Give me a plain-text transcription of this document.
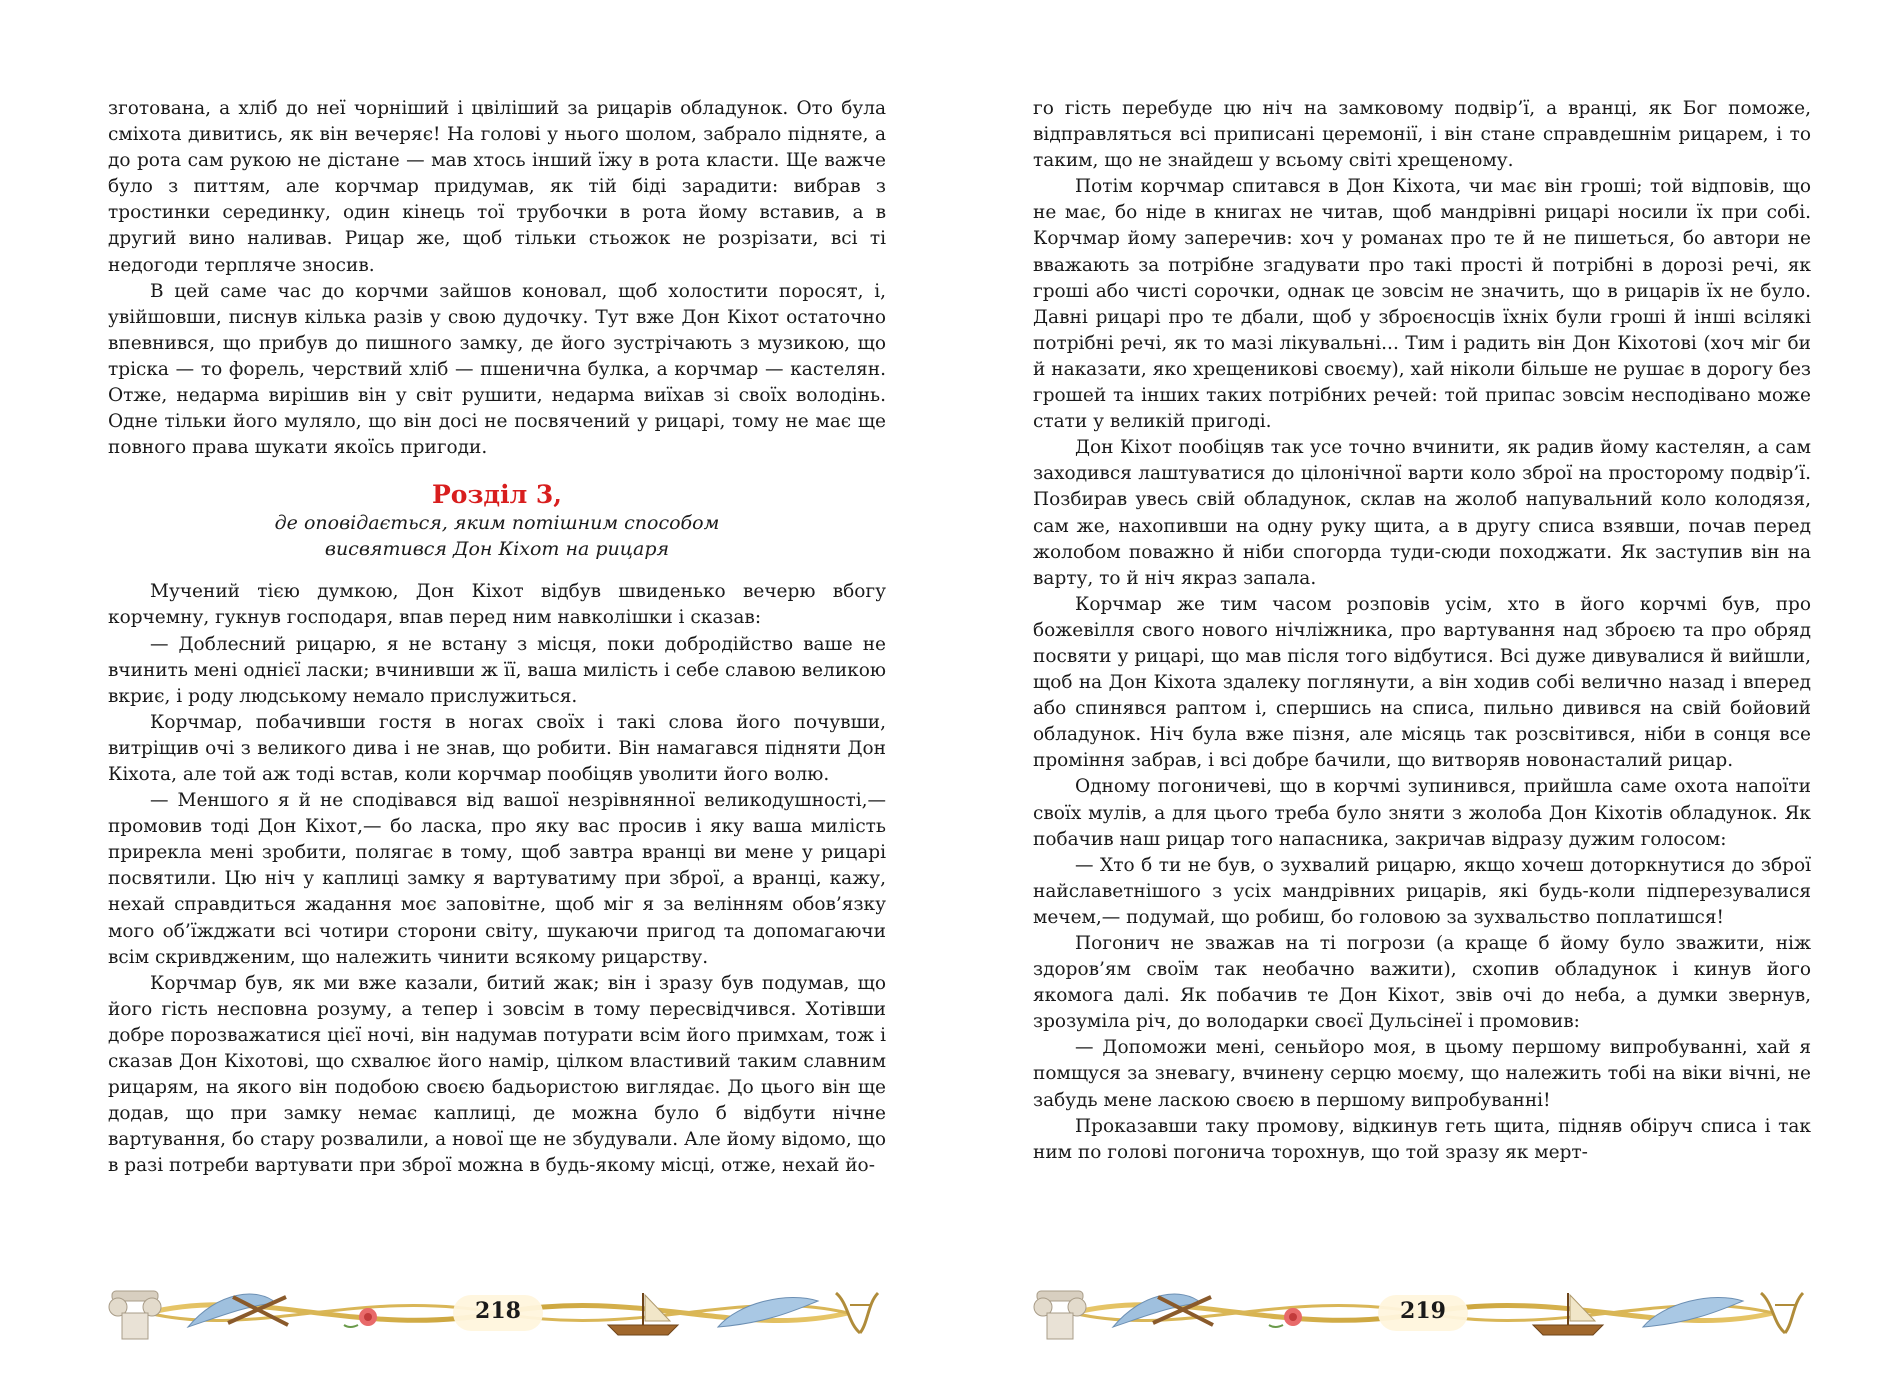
зготована, а хліб до неї чорніший і цвіліший за рицарів обладунок. Ото була сміхота дивитись, як він вечеряє! На голові у нього шолом, забрало підняте, а до рота сам рукою не дістане — мав хтось інший їжу в рота класти. Ще важче було з питтям, але корчмар придумав, як тій біді зарадити: вибрав з тростинки серединку, один кінець тої трубочки в рота йому вставив, а в другий вино наливав. Рицар же, щоб тільки стьожок не розрізати, всі ті недогоди терпляче зносив.

В цей саме час до корчми зайшов коновал, щоб холостити поросят, і, увійшовши, писнув кілька разів у свою дудочку. Тут вже Дон Кіхот остаточно впевнився, що прибув до пишного замку, де його зустрічають з музикою, що тріска — то форель, черствий хліб — пшенична булка, а корчмар — кастелян. Отже, недарма вирішив він у світ рушити, недарма виїхав зі своїх володінь. Одне тільки його муляло, що він досі не посвячений у рицарі, тому не має ще повного права шукати якоїсь пригоди.

Розділ 3,
де оповідається, яким потішним способом
висвятився Дон Кіхот на рицаря

Мучений тією думкою, Дон Кіхот відбув швиденько вечерю вбогу корчемну, гукнув господаря, впав перед ним навколішки і сказав:

— Доблесний рицарю, я не встану з місця, поки добродійство ваше не вчинить мені однієї ласки; вчинивши ж її, ваша милість і себе славою великою вкриє, і роду людському немало прислужиться.

Корчмар, побачивши гостя в ногах своїх і такі слова його почувши, витріщив очі з великого дива і не знав, що робити. Він намагався підняти Дон Кіхота, але той аж тоді встав, коли корчмар пообіцяв уволити його волю.

— Меншого я й не сподівався від вашої незрівнянної великодушності,— промовив тоді Дон Кіхот,— бо ласка, про яку вас просив і яку ваша милість прирекла мені зробити, полягає в тому, щоб завтра вранці ви мене у рицарі посвятили. Цю ніч у каплиці замку я вартуватиму при зброї, а вранці, кажу, нехай справдиться жадання моє заповітне, щоб міг я за велінням обов’язку мого об’їжджати всі чотири сторони світу, шукаючи пригод та допомагаючи всім скривдженим, що належить чинити всякому рицарству.

Корчмар був, як ми вже казали, битий жак; він і зразу був подумав, що його гість несповна розуму, а тепер і зовсім в тому пересвідчився. Хотівши добре порозважатися цієї ночі, він надумав потурати всім його примхам, тож і сказав Дон Кіхотові, що схвалює його намір, цілком властивий таким славним рицарям, на якого він подобою своєю бадьористою виглядає. До цього він ще додав, що при замку немає каплиці, де можна було б відбути нічне вартування, бо стару розвалили, а нової ще не збудували. Але йому відомо, що в разі потреби вартувати при зброї можна в будь-якому місці, отже, нехай йо-

го гість перебуде цю ніч на замковому подвір’ї, а вранці, як Бог поможе, відправляться всі приписані церемонії, і він стане справдешнім рицарем, і то таким, що не знайдеш у всьому світі хрещеному.

Потім корчмар спитався в Дон Кіхота, чи має він гроші; той відповів, що не має, бо ніде в книгах не читав, щоб мандрівні рицарі носили їх при собі. Корчмар йому заперечив: хоч у романах про те й не пишеться, бо автори не вважають за потрібне згадувати про такі прості й потрібні в дорозі речі, як гроші або чисті сорочки, однак це зовсім не значить, що в рицарів їх не було. Давні рицарі про те дбали, щоб у зброєносців їхніх були гроші й інші всілякі потрібні речі, як то мазі лікувальні... Тим і радить він Дон Кіхотові (хоч міг би й наказати, яко хрещеникові своєму), хай ніколи більше не рушає в дорогу без грошей та інших таких потрібних речей: той припас зовсім несподівано може стати у великій пригоді.

Дон Кіхот пообіцяв так усе точно вчинити, як радив йому кастелян, а сам заходився лаштуватися до цілонічної варти коло зброї на просторому подвір’ї. Позбирав увесь свій обладунок, склав на жолоб напувальний коло колодязя, сам же, нахопивши на одну руку щита, а в другу списа взявши, почав перед жолобом поважно й ніби спогорда туди-сюди походжати. Як заступив він на варту, то й ніч якраз запала.

Корчмар же тим часом розповів усім, хто в його корчмі був, про божевілля свого нового нічліжника, про вартування над зброєю та про обряд посвяти у рицарі, що мав після того відбутися. Всі дуже дивувалися й вийшли, щоб на Дон Кіхота здалеку поглянути, а він ходив собі велично назад і вперед або спинявся раптом і, спершись на списа, пильно дивився на свій бойовий обладунок. Ніч була вже пізня, але місяць так розсвітився, ніби в сонця все проміння забрав, і всі добре бачили, що витворяв новонасталий рицар.

Одному погоничеві, що в корчмі зупинився, прийшла саме охота напоїти своїх мулів, а для цього треба було зняти з жолоба Дон Кіхотів обладунок. Як побачив наш рицар того напасника, закричав відразу дужим голосом:

— Хто б ти не був, о зухвалий рицарю, якщо хочеш доторкнутися до зброї найславетнішого з усіх мандрівних рицарів, які будь-коли підперезувалися мечем,— подумай, що робиш, бо головою за зухвальство поплатишся!

Погонич не зважав на ті погрози (а краще б йому було зважити, ніж здоров’ям своїм так необачно важити), схопив обладунок і кинув його якомога далі. Як побачив те Дон Кіхот, звів очі до неба, а думки звернув, зрозуміла річ, до володарки своєї Дульсінеї і промовив:

— Допоможи мені, сеньйоро моя, в цьому першому випробуванні, хай я помщуся за зневагу, вчинену серцю моєму, що належить тобі на віки вічні, не забудь мене ласкою своєю в першому випробуванні!

Проказавши таку промову, відкинув геть щита, підняв обіруч списа і так ним по голові погонича торохнув, що той зразу як мерт-

218	219
